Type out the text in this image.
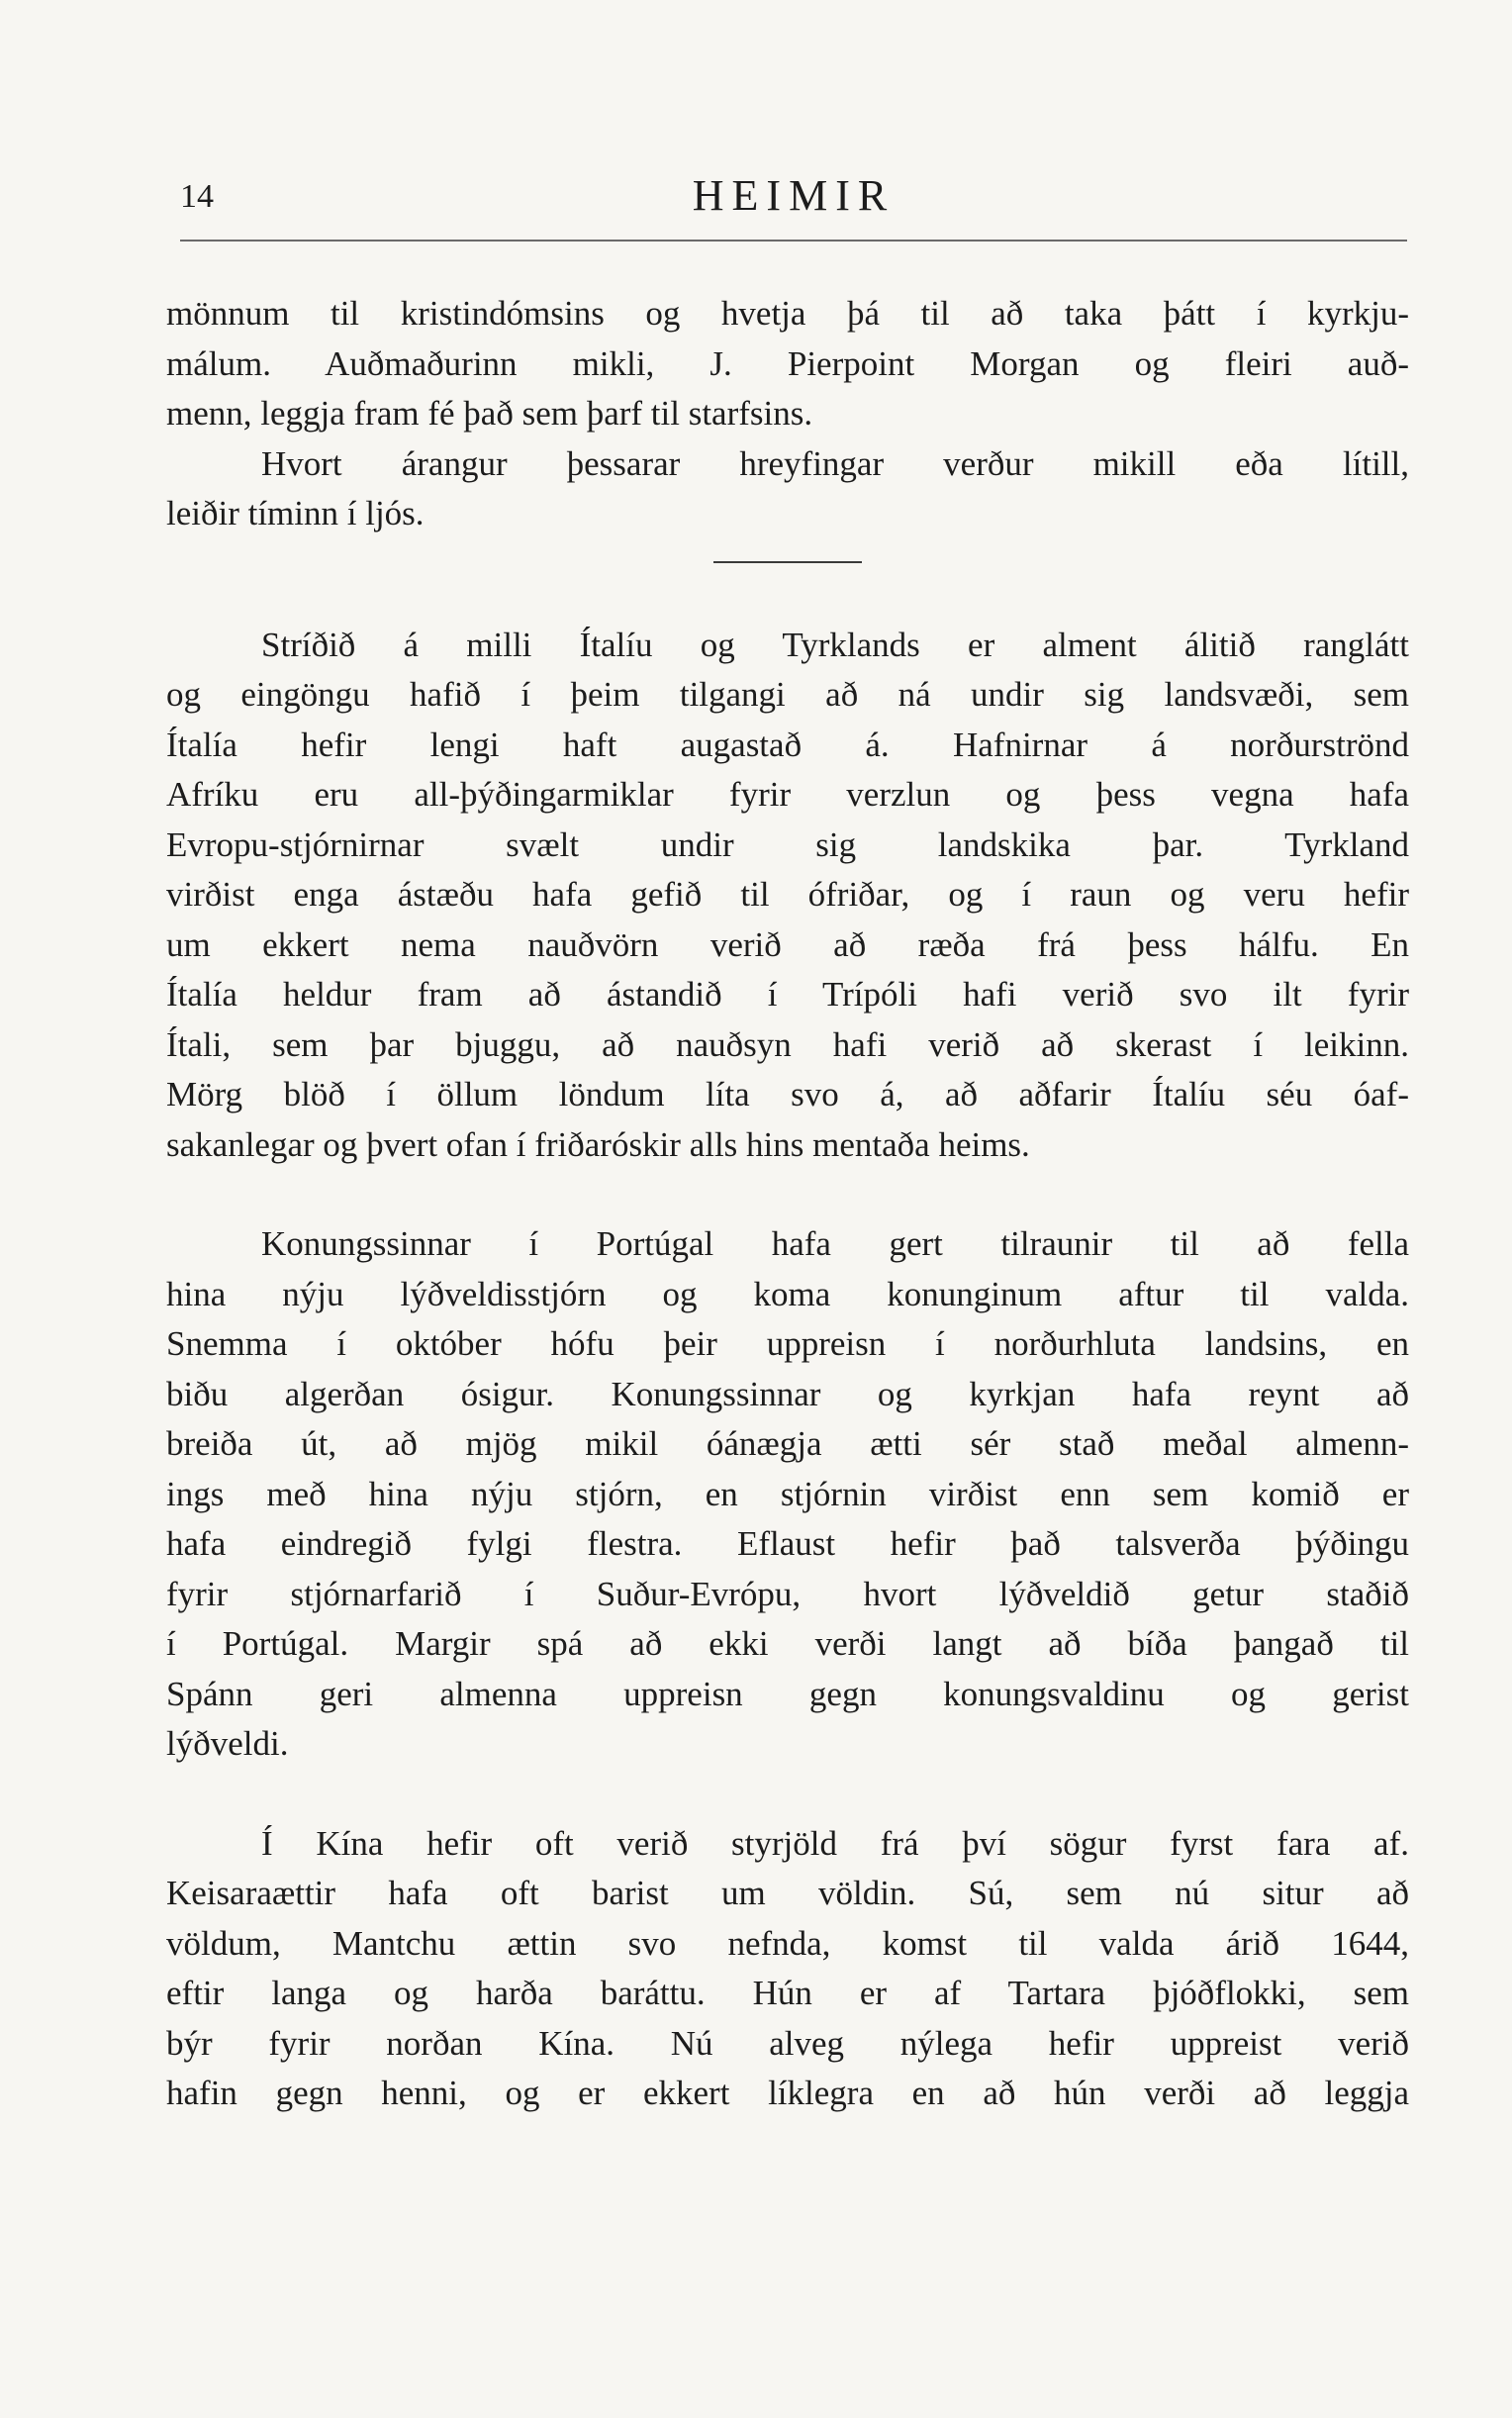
14	HEIMIR
mönnum til kristindómsins og hvetja þá til að taka þátt í kyrkju-
málum. Auðmaðurinn mikli, J. Pierpoint Morgan og fleiri auð-
menn, leggja fram fé það sem þarf til starfsins.
Hvort árangur þessarar hreyfingar verður mikill eða lítill,
leiðir tíminn í ljós.
Stríðið á milli Ítalíu og Tyrklands er alment álitið ranglátt
og eingöngu hafið í þeim tilgangi að ná undir sig landsvæði, sem
Ítalía hefir lengi haft augastað á. Hafnirnar á norðurströnd
Afríku eru all-þýðingarmiklar fyrir verzlun og þess vegna hafa
Evropu-stjórnirnar svælt undir sig landskika þar. Tyrkland
virðist enga ástæðu hafa gefið til ófriðar, og í raun og veru hefir
um ekkert nema nauðvörn verið að ræða frá þess hálfu. En
Ítalía heldur fram að ástandið í Trípóli hafi verið svo ilt fyrir
Ítali, sem þar bjuggu, að nauðsyn hafi verið að skerast í leikinn.
Mörg blöð í öllum löndum líta svo á, að aðfarir Ítalíu séu óaf-
sakanlegar og þvert ofan í friðaróskir alls hins mentaða heims.
Konungssinnar í Portúgal hafa gert tilraunir til að fella
hina nýju lýðveldisstjórn og koma konunginum aftur til valda.
Snemma í október hófu þeir uppreisn í norðurhluta landsins, en
biðu algerðan ósigur. Konungssinnar og kyrkjan hafa reynt að
breiða út, að mjög mikil óánægja ætti sér stað meðal almenn-
ings með hina nýju stjórn, en stjórnin virðist enn sem komið er
hafa eindregið fylgi flestra. Eflaust hefir það talsverða þýðingu
fyrir stjórnarfarið í Suður-Evrópu, hvort lýðveldið getur staðið
í Portúgal. Margir spá að ekki verði langt að bíða þangað til
Spánn geri almenna uppreisn gegn konungsvaldinu og gerist
lýðveldi.
Í Kína hefir oft verið styrjöld frá því sögur fyrst fara af.
Keisaraættir hafa oft barist um völdin. Sú, sem nú situr að
völdum, Mantchu ættin svo nefnda, komst til valda árið 1644,
eftir langa og harða baráttu. Hún er af Tartara þjóðflokki, sem
býr fyrir norðan Kína. Nú alveg nýlega hefir uppreist verið
hafin gegn henni, og er ekkert líklegra en að hún verði að leggja
